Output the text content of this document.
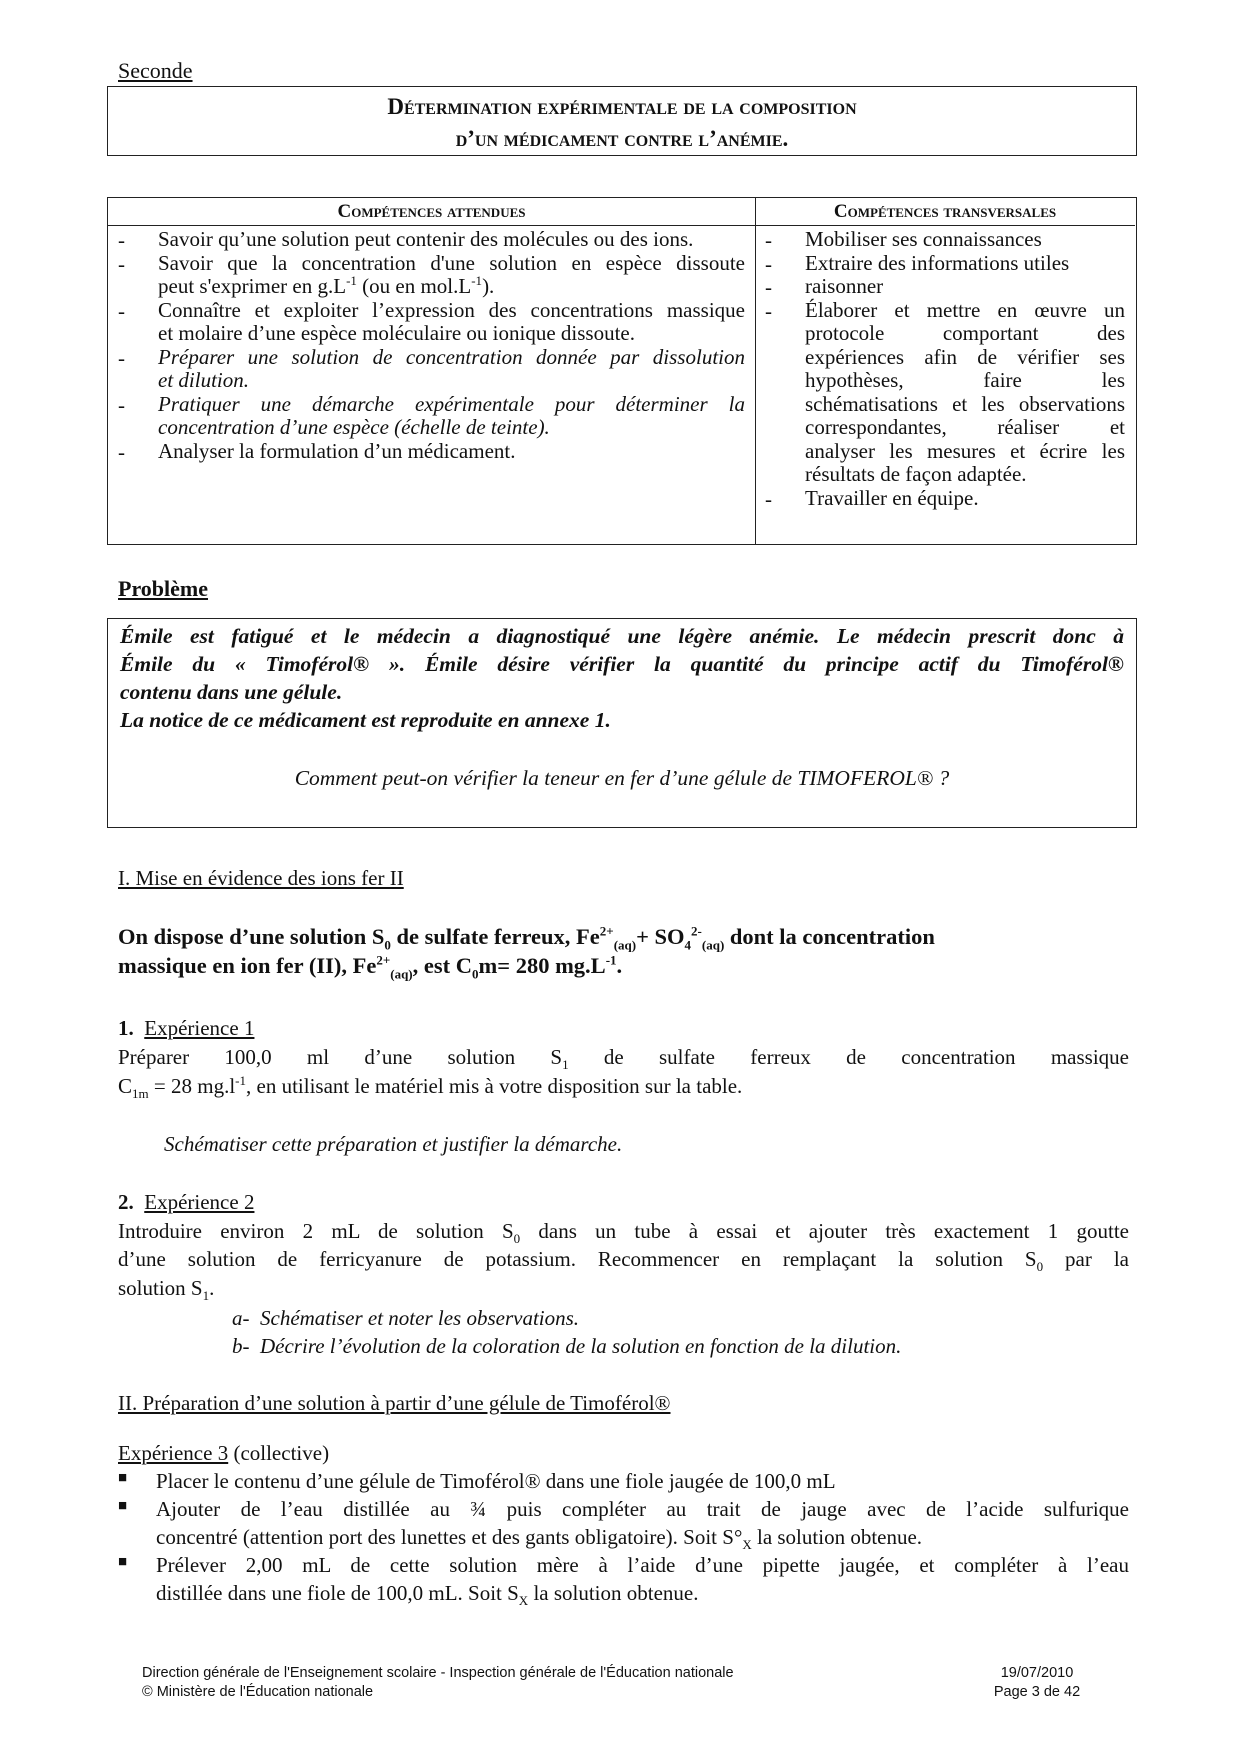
Seconde
Détermination expérimentale de la composition
d’un médicament contre l’anémie.
Compétences attendues	Compétences transversales
- Savoir qu’une solution peut contenir des molécules ou des ions.
- Savoir que la concentration d'une solution en espèce dissoute
peut s'exprimer en $g.L^{-1}$ (ou en $mol.L^{-1}$).
- Connaître et exploiter l’expression des concentrations massique
et molaire d’une espèce moléculaire ou ionique dissoute.
- Préparer une solution de concentration donnée par dissolution
et dilution.
- Pratiquer une démarche expérimentale pour déterminer la
concentration d’une espèce (échelle de teinte).
- Analyser la formulation d’un médicament.
- Mobiliser ses connaissances
- Extraire des informations utiles
- raisonner
- Élaborer et mettre en œuvre un
protocole comportant des
expériences afin de vérifier ses
hypothèses, faire les
schématisations et les observations
correspondantes, réaliser et
analyser les mesures et écrire les
résultats de façon adaptée.
- Travailler en équipe.
Problème
Émile est fatigué et le médecin a diagnostiqué une légère anémie. Le médecin prescrit donc à
Émile du « Timoférol® ». Émile désire vérifier la quantité du principe actif du Timoférol®
contenu dans une gélule.
La notice de ce médicament est reproduite en annexe 1.
Comment peut-on vérifier la teneur en fer d’une gélule de TIMOFEROL® ?
I. Mise en évidence des ions fer II
On dispose d’une solution $S_0$ de sulfate ferreux, $Fe^{2+}_{(aq)}+ SO_4^{2-}_{(aq)}$ dont la concentration
massique en ion fer (II), $Fe^{2+}_{(aq)}$, est $C_0m= 280$ $mg.L^{-1}$.
1. Expérience 1
Préparer 100,0 ml d’une solution $S_1$ de sulfate ferreux de concentration massique
$C_{1m} = 28$ $mg.l^{-1}$, en utilisant le matériel mis à votre disposition sur la table.
Schématiser cette préparation et justifier la démarche.
2. Expérience 2
Introduire environ 2 mL de solution $S_0$ dans un tube à essai et ajouter très exactement 1 goutte
d’une solution de ferricyanure de potassium. Recommencer en remplaçant la solution $S_0$ par la
solution $S_1$.
a- Schématiser et noter les observations.
b- Décrire l’évolution de la coloration de la solution en fonction de la dilution.
II. Préparation d’une solution à partir d’une gélule de Timoférol®
Expérience 3 (collective)
■ Placer le contenu d’une gélule de Timoférol® dans une fiole jaugée de 100,0 mL
■ Ajouter de l’eau distillée au ¾ puis compléter au trait de jauge avec de l’acide sulfurique
concentré (attention port des lunettes et des gants obligatoire). Soit $S^\circ_X$ la solution obtenue.
■ Prélever 2,00 mL de cette solution mère à l’aide d’une pipette jaugée, et compléter à l’eau
distillée dans une fiole de 100,0 mL. Soit $S_X$ la solution obtenue.
Direction générale de l'Enseignement scolaire - Inspection générale de l'Éducation nationale
© Ministère de l'Éducation nationale
19/07/2010
Page 3 de 42
